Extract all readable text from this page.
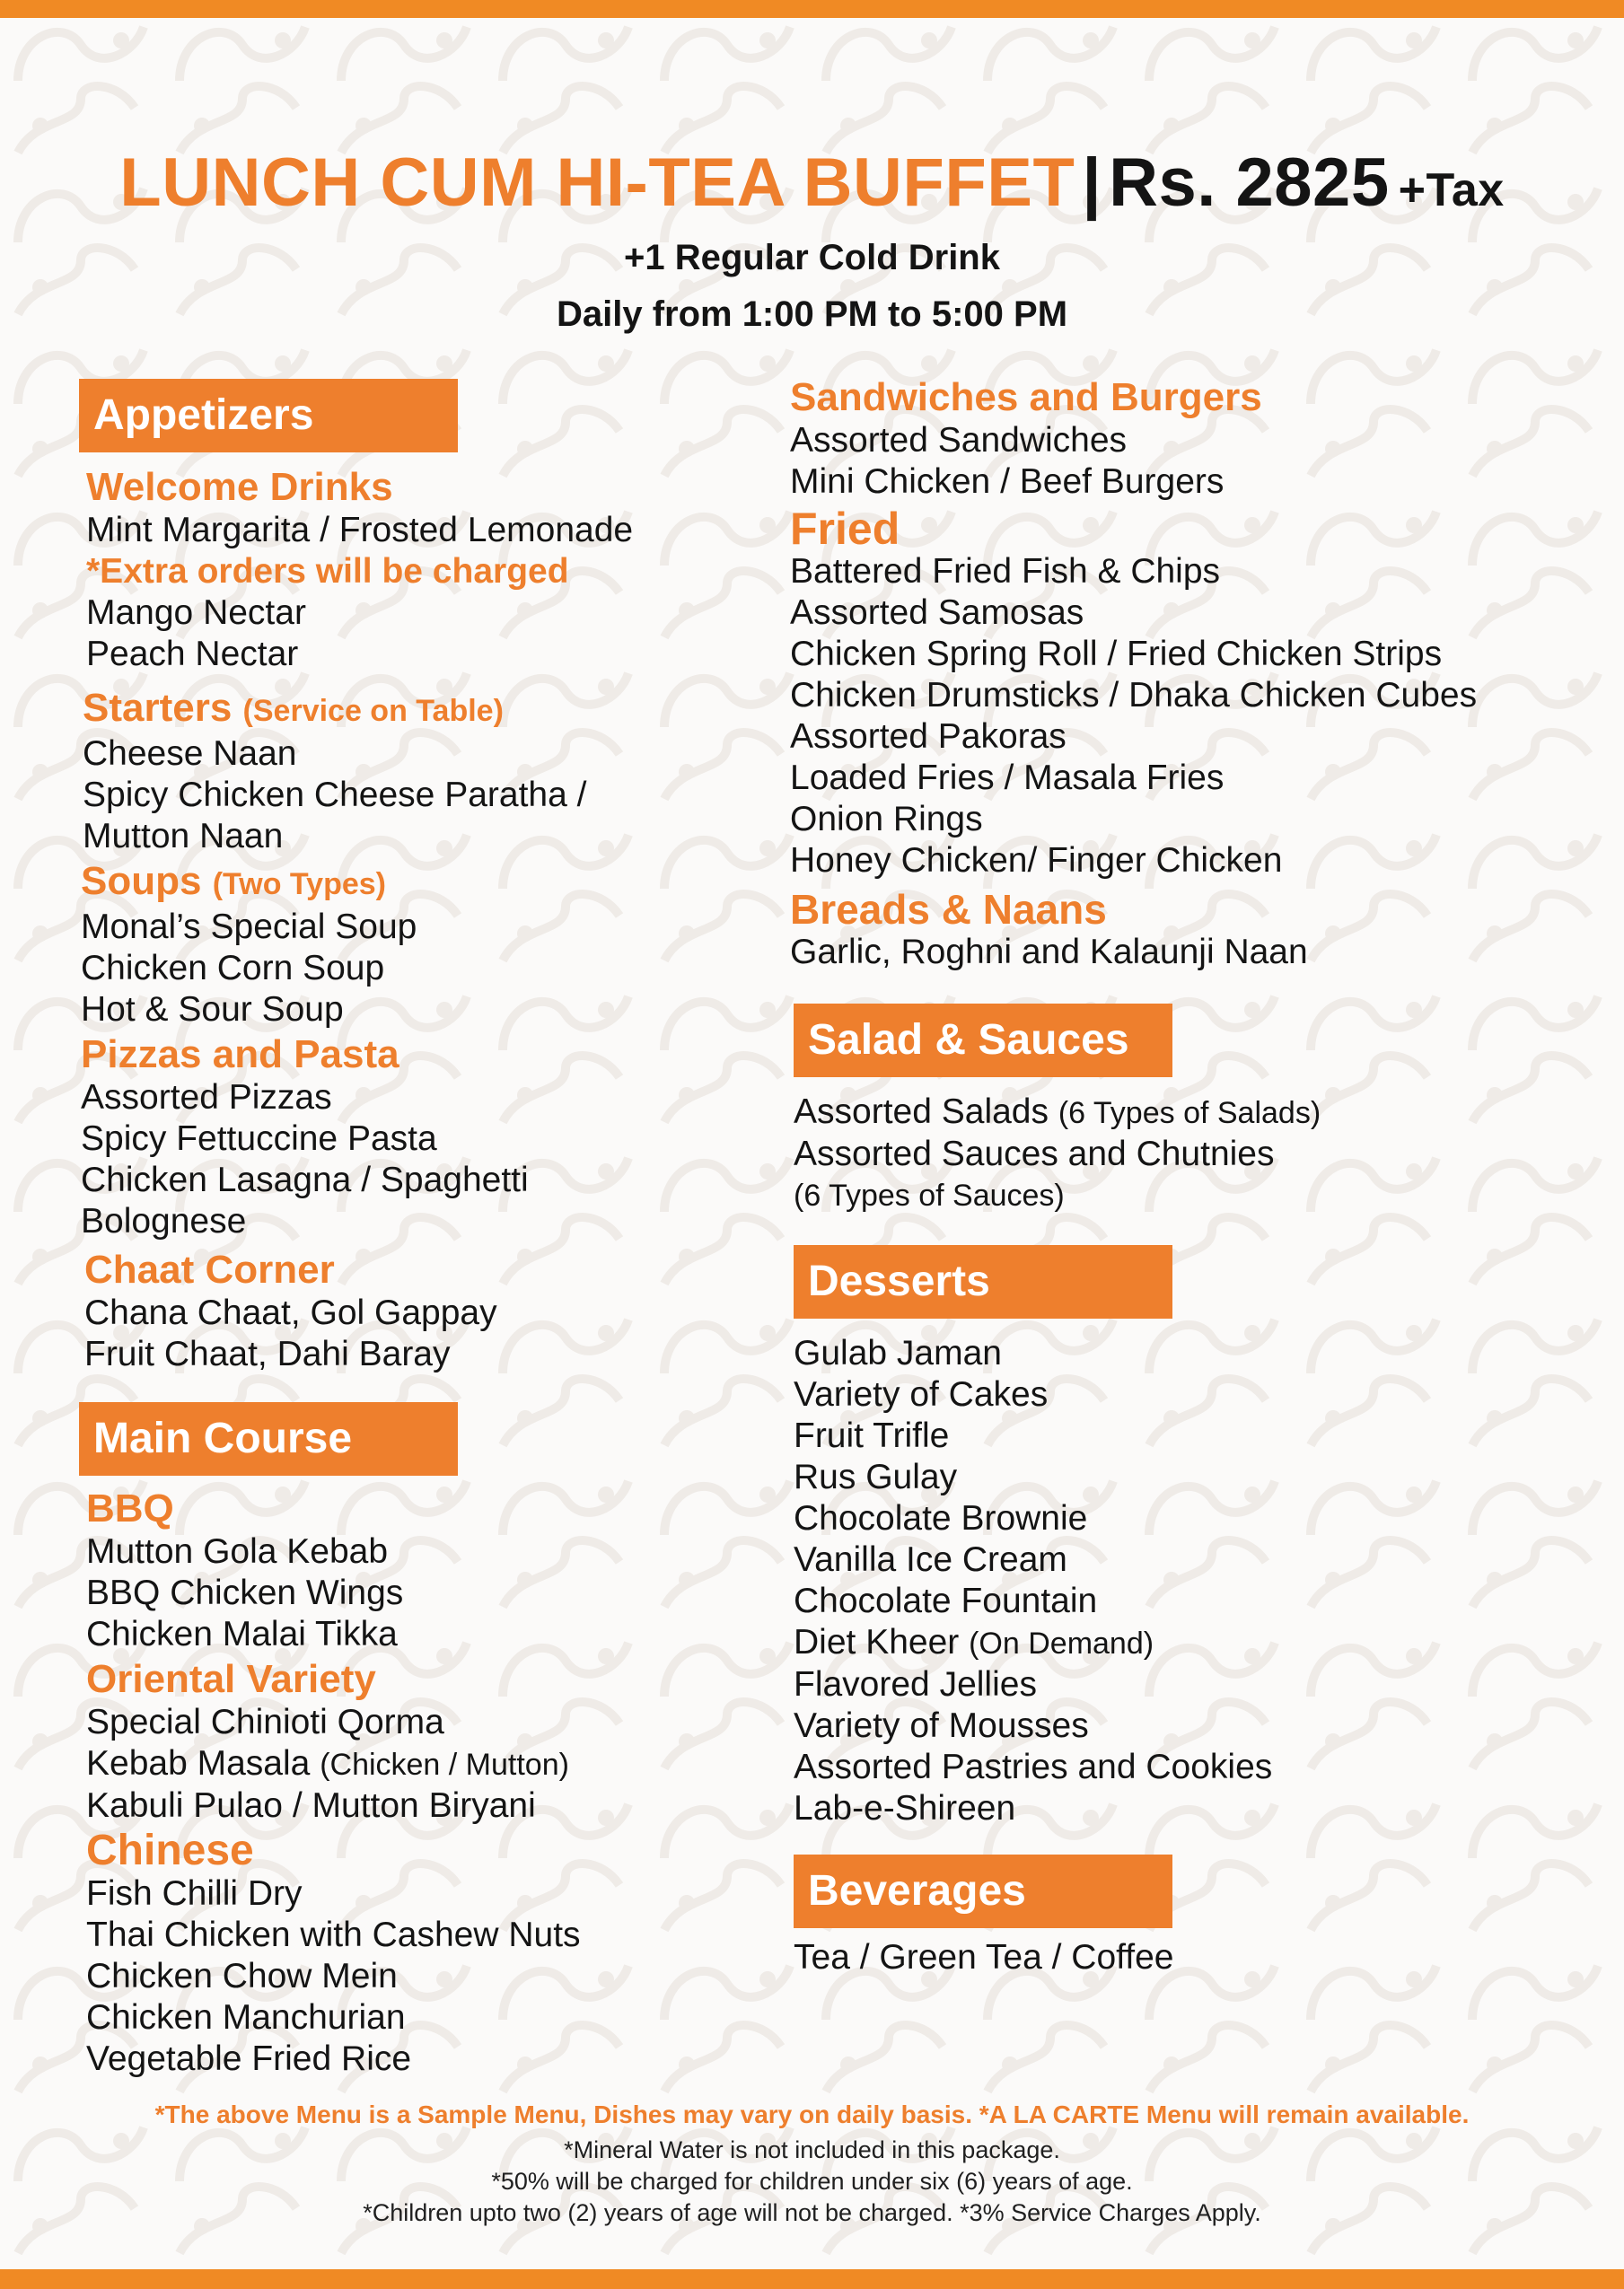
LUNCH CUM HI-TEA BUFFET | Rs. 2825 +Tax
+1 Regular Cold Drink
Daily from 1:00 PM to 5:00 PM
Appetizers
Welcome Drinks
Mint Margarita / Frosted Lemonade
*Extra orders will be charged
Mango Nectar
Peach Nectar
Starters (Service on Table)
Cheese Naan
Spicy Chicken Cheese Paratha /
Mutton Naan
Soups (Two Types)
Monal’s Special Soup
Chicken Corn Soup
Hot & Sour Soup
Pizzas and Pasta
Assorted Pizzas
Spicy Fettuccine Pasta
Chicken Lasagna / Spaghetti
Bolognese
Chaat Corner
Chana Chaat, Gol Gappay
Fruit Chaat, Dahi Baray
Main Course
BBQ
Mutton Gola Kebab
BBQ Chicken Wings
Chicken Malai Tikka
Oriental Variety
Special Chinioti Qorma
Kebab Masala (Chicken / Mutton)
Kabuli Pulao / Mutton Biryani
Chinese
Fish Chilli Dry
Thai Chicken with Cashew Nuts
Chicken Chow Mein
Chicken Manchurian
Vegetable Fried Rice
Sandwiches and Burgers
Assorted Sandwiches
Mini Chicken / Beef Burgers
Fried
Battered Fried Fish & Chips
Assorted Samosas
Chicken Spring Roll / Fried Chicken Strips
Chicken Drumsticks / Dhaka Chicken Cubes
Assorted Pakoras
Loaded Fries / Masala Fries
Onion Rings
Honey Chicken/ Finger Chicken
Breads & Naans
Garlic, Roghni and Kalaunji Naan
Salad & Sauces
Assorted Salads (6 Types of Salads)
Assorted Sauces and Chutnies
(6 Types of Sauces)
Desserts
Gulab Jaman
Variety of Cakes
Fruit Trifle
Rus Gulay
Chocolate Brownie
Vanilla Ice Cream
Chocolate Fountain
Diet Kheer (On Demand)
Flavored Jellies
Variety of Mousses
Assorted Pastries and Cookies
Lab-e-Shireen
Beverages
Tea / Green Tea / Coffee
*The above Menu is a Sample Menu, Dishes may vary on daily basis. *A LA CARTE Menu will remain available.
*Mineral Water is not included in this package.
*50% will be charged for children under six (6) years of age.
*Children upto two (2) years of age will not be charged. *3% Service Charges Apply.
